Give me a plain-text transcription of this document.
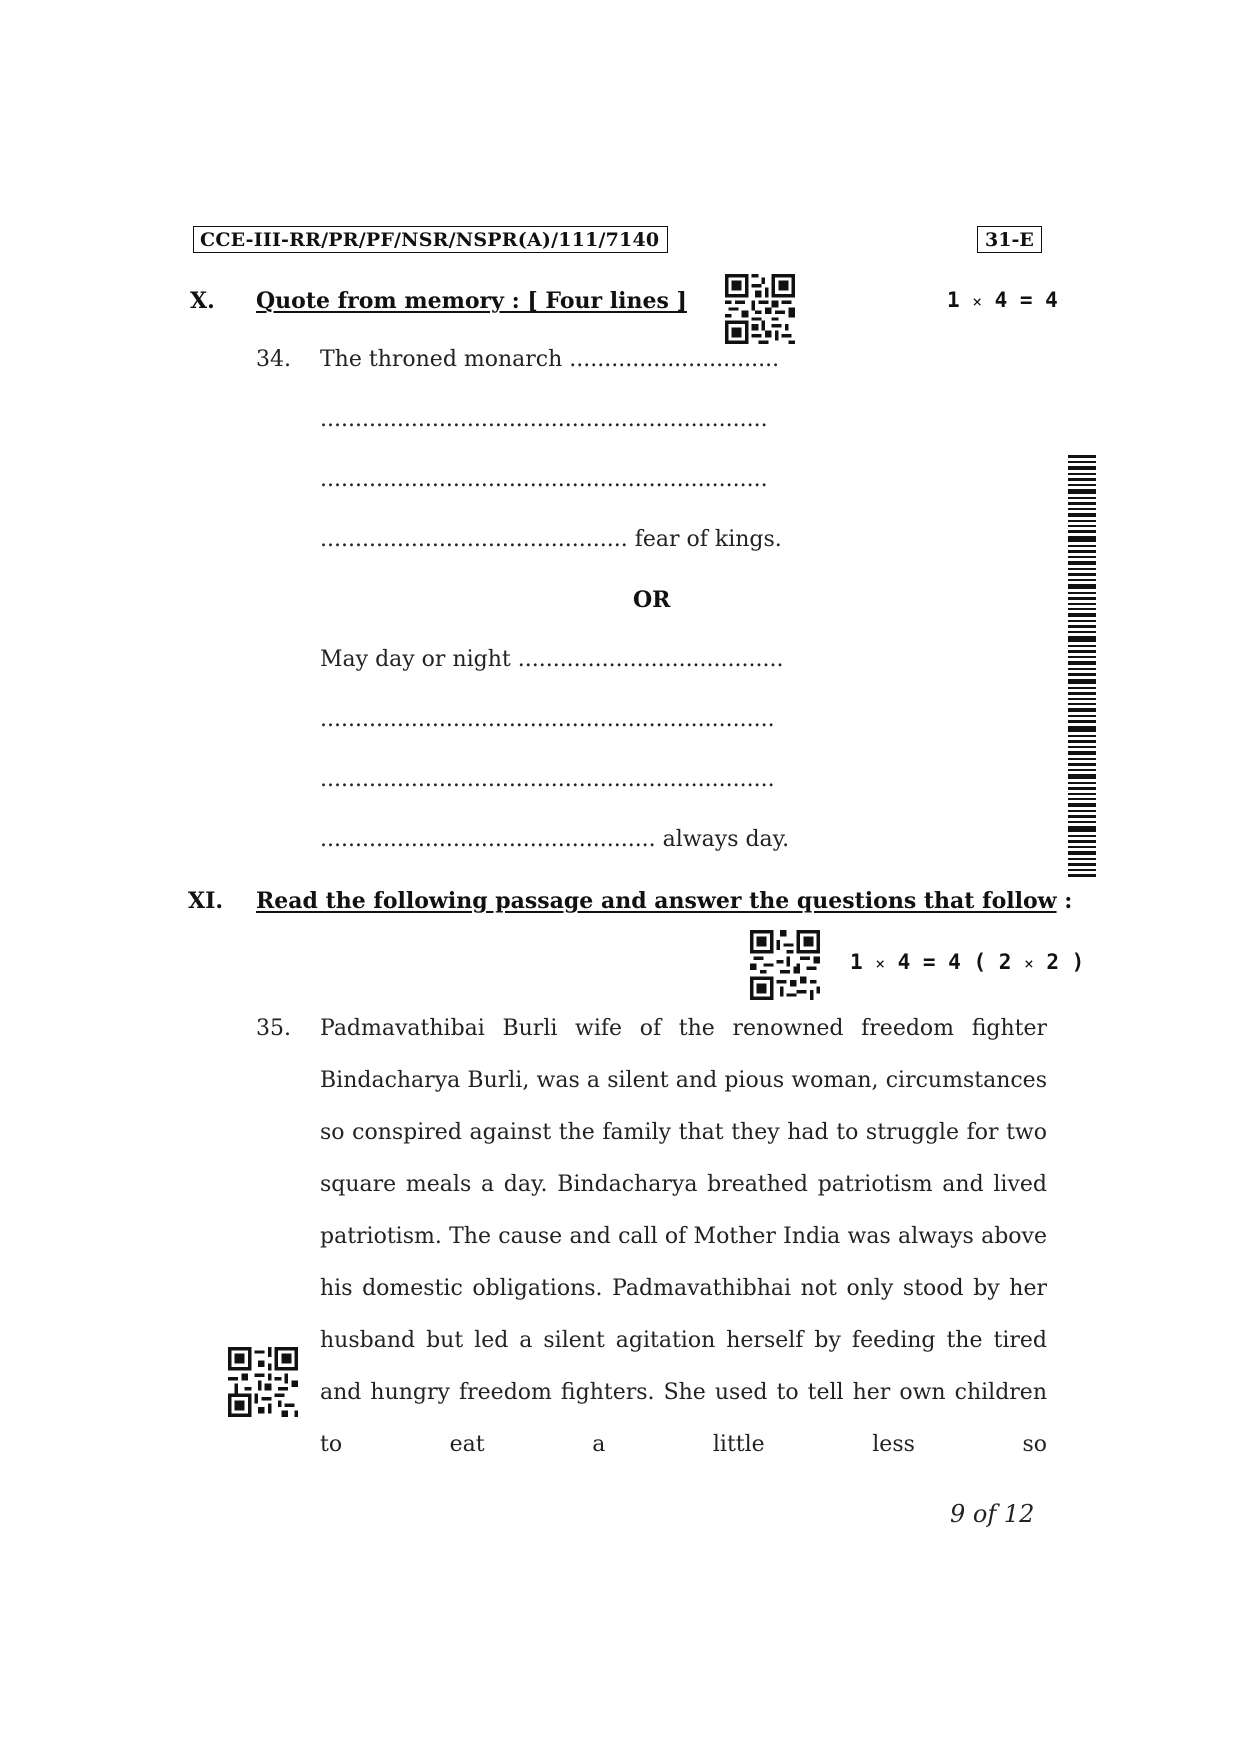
CCE-III-RR/PR/PF/NSR/NSPR(A)/111/7140	31-E
X. Quote from memory : [ Four lines ]	1 × 4 = 4
34. The throned monarch ..............................
................................................................
................................................................
............................................ fear of kings.
OR
May day or night ......................................
.................................................................
.................................................................
................................................ always day.
XI. Read the following passage and answer the questions that follow :
1 × 4 = 4 ( 2 × 2 )
35. Padmavathibai Burli wife of the renowned freedom fighter Bindacharya Burli, was a silent and pious woman, circumstances so conspired against the family that they had to struggle for two square meals a day. Bindacharya breathed patriotism and lived patriotism. The cause and call of Mother India was always above his domestic obligations. Padmavathibhai not only stood by her husband but led a silent agitation herself by feeding the tired and hungry freedom fighters. She used to tell her own children to eat a little less so
9 of 12
